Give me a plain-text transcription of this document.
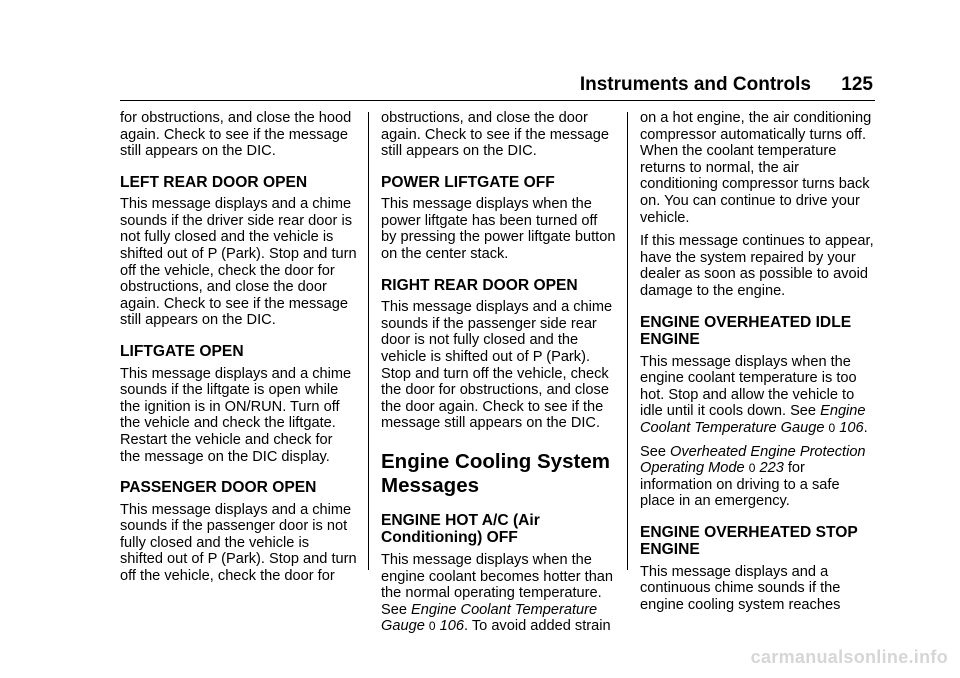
Instruments and Controls 125

for obstructions, and close the hood
again. Check to see if the message
still appears on the DIC.

LEFT REAR DOOR OPEN

This message displays and a chime
sounds if the driver side rear door is
not fully closed and the vehicle is
shifted out of P (Park). Stop and turn
off the vehicle, check the door for
obstructions, and close the door
again. Check to see if the message
still appears on the DIC.

LIFTGATE OPEN

This message displays and a chime
sounds if the liftgate is open while
the ignition is in ON/RUN. Turn off
the vehicle and check the liftgate.
Restart the vehicle and check for
the message on the DIC display.

PASSENGER DOOR OPEN

This message displays and a chime
sounds if the passenger door is not
fully closed and the vehicle is
shifted out of P (Park). Stop and turn
off the vehicle, check the door for

obstructions, and close the door
again. Check to see if the message
still appears on the DIC.

POWER LIFTGATE OFF

This message displays when the
power liftgate has been turned off
by pressing the power liftgate button
on the center stack.

RIGHT REAR DOOR OPEN

This message displays and a chime
sounds if the passenger side rear
door is not fully closed and the
vehicle is shifted out of P (Park).
Stop and turn off the vehicle, check
the door for obstructions, and close
the door again. Check to see if the
message still appears on the DIC.

Engine Cooling System
Messages
ENGINE HOT A/C (Air
Conditioning) OFF

This message displays when the
engine coolant becomes hotter than
the normal operating temperature.
See Engine Coolant Temperature
Gauge 0 106. To avoid added strain

on a hot engine, the air conditioning
compressor automatically turns off.
When the coolant temperature
returns to normal, the air
conditioning compressor turns back
on. You can continue to drive your
vehicle.

If this message continues to appear,
have the system repaired by your
dealer as soon as possible to avoid
damage to the engine.

ENGINE OVERHEATED IDLE
ENGINE

This message displays when the
engine coolant temperature is too
hot. Stop and allow the vehicle to
idle until it cools down. See Engine
Coolant Temperature Gauge 0 106.

See Overheated Engine Protection
Operating Mode 0 223 for
information on driving to a safe
place in an emergency.

ENGINE OVERHEATED STOP
ENGINE

This message displays and a
continuous chime sounds if the
engine cooling system reaches

carmanualsonline.info
